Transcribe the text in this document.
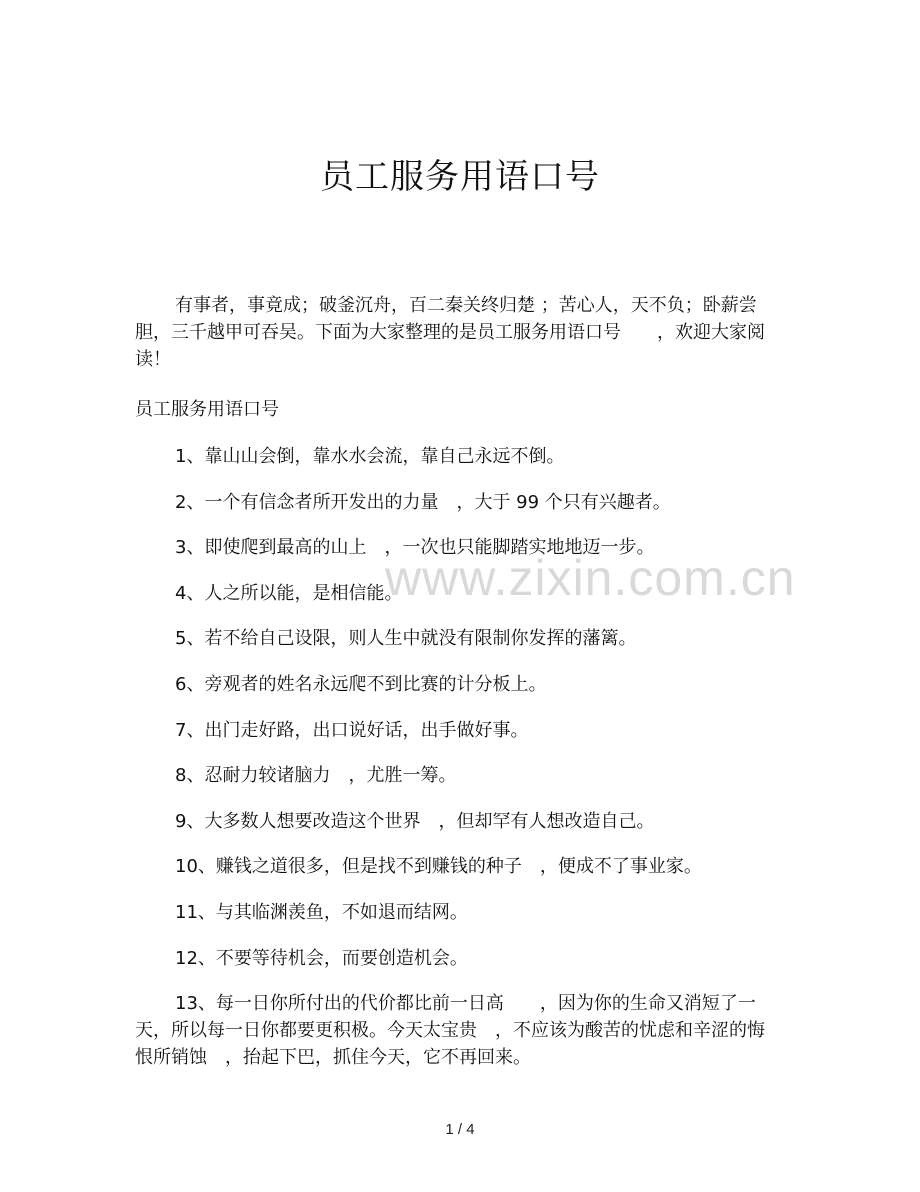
员工服务用语口号

有事者，事竟成；破釜沉舟，百二秦关终归楚 ；苦心人，天不负；卧薪尝胆，三千越甲可吞吴。下面为大家整理的是员工服务用语口号　　，欢迎大家阅读！

员工服务用语口号

1、靠山山会倒，靠水水会流，靠自己永远不倒。
2、一个有信念者所开发出的力量　，大于 99 个只有兴趣者。
3、即使爬到最高的山上　，一次也只能脚踏实地地迈一步。
4、人之所以能，是相信能。
5、若不给自己设限，则人生中就没有限制你发挥的藩篱。
6、旁观者的姓名永远爬不到比赛的计分板上。
7、出门走好路，出口说好话，出手做好事。
8、忍耐力较诸脑力　，尤胜一筹。
9、大多数人想要改造这个世界　，但却罕有人想改造自己。
10、赚钱之道很多，但是找不到赚钱的种子　，便成不了事业家。
11、与其临渊羡鱼，不如退而结网。
12、不要等待机会，而要创造机会。
13、每一日你所付出的代价都比前一日高　　，因为你的生命又消短了一天，所以每一日你都要更积极。今天太宝贵　，不应该为酸苦的忧虑和辛涩的悔恨所销蚀　，抬起下巴，抓住今天，它不再回来。
www.zixin.com.cn
1 / 4
